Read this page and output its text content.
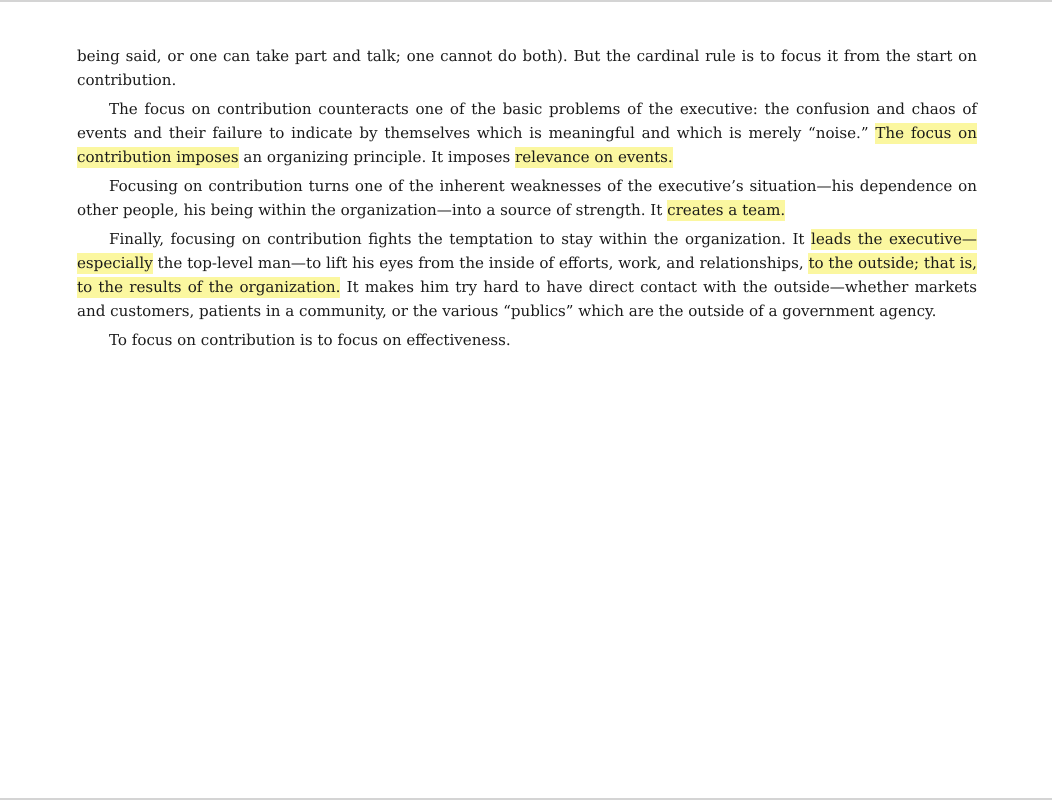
being said, or one can take part and talk; one cannot do both). But the cardinal rule is to focus it from the start on contribution.

The focus on contribution counteracts one of the basic problems of the executive: the confusion and chaos of events and their failure to indicate by themselves which is meaningful and which is merely “noise.” The focus on contribution imposes an organizing principle. It imposes relevance on events.

Focusing on contribution turns one of the inherent weaknesses of the executive’s situation—his dependence on other people, his being within the organization—into a source of strength. It creates a team.

Finally, focusing on contribution fights the temptation to stay within the organization. It leads the executive—especially the top-level man—to lift his eyes from the inside of efforts, work, and relationships, to the outside; that is, to the results of the organization. It makes him try hard to have direct contact with the outside—whether markets and customers, patients in a community, or the various “publics” which are the outside of a government agency.

To focus on contribution is to focus on effectiveness.
